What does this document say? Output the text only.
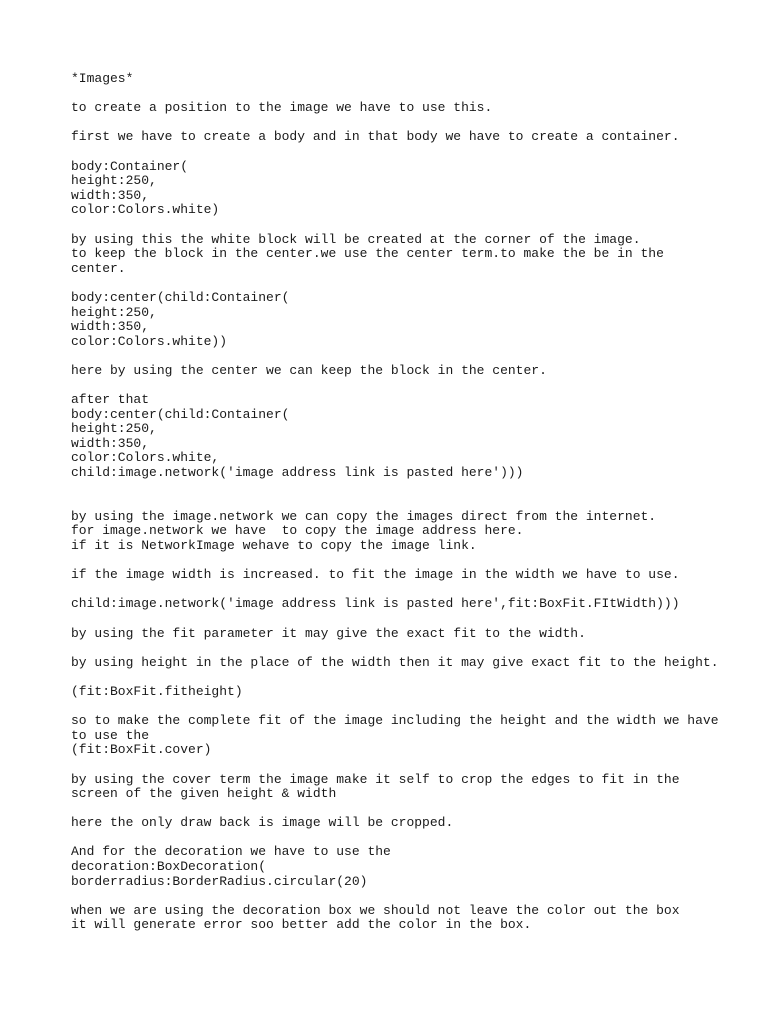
*Images*
to create a position to the image we have to use this.
first we have to create a body and in that body we have to create a container.
body:Container(
height:250,
width:350,
color:Colors.white)
by using this the white block will be created at the corner of the image.
to keep the block in the center.we use the center term.to make the be in the
center.
body:center(child:Container(
height:250,
width:350,
color:Colors.white))
here by using the center we can keep the block in the center.
after that
body:center(child:Container(
height:250,
width:350,
color:Colors.white,
child:image.network('image address link is pasted here')))
by using the image.network we can copy the images direct from the internet.
for image.network we have  to copy the image address here.
if it is NetworkImage wehave to copy the image link.
if the image width is increased. to fit the image in the width we have to use.
child:image.network('image address link is pasted here',fit:BoxFit.FItWidth)))
by using the fit parameter it may give the exact fit to the width.
by using height in the place of the width then it may give exact fit to the height.
(fit:BoxFit.fitheight)
so to make the complete fit of the image including the height and the width we have
to use the
(fit:BoxFit.cover)
by using the cover term the image make it self to crop the edges to fit in the
screen of the given height & width
here the only draw back is image will be cropped.
And for the decoration we have to use the
decoration:BoxDecoration(
borderradius:BorderRadius.circular(20)
when we are using the decoration box we should not leave the color out the box
it will generate error soo better add the color in the box.
